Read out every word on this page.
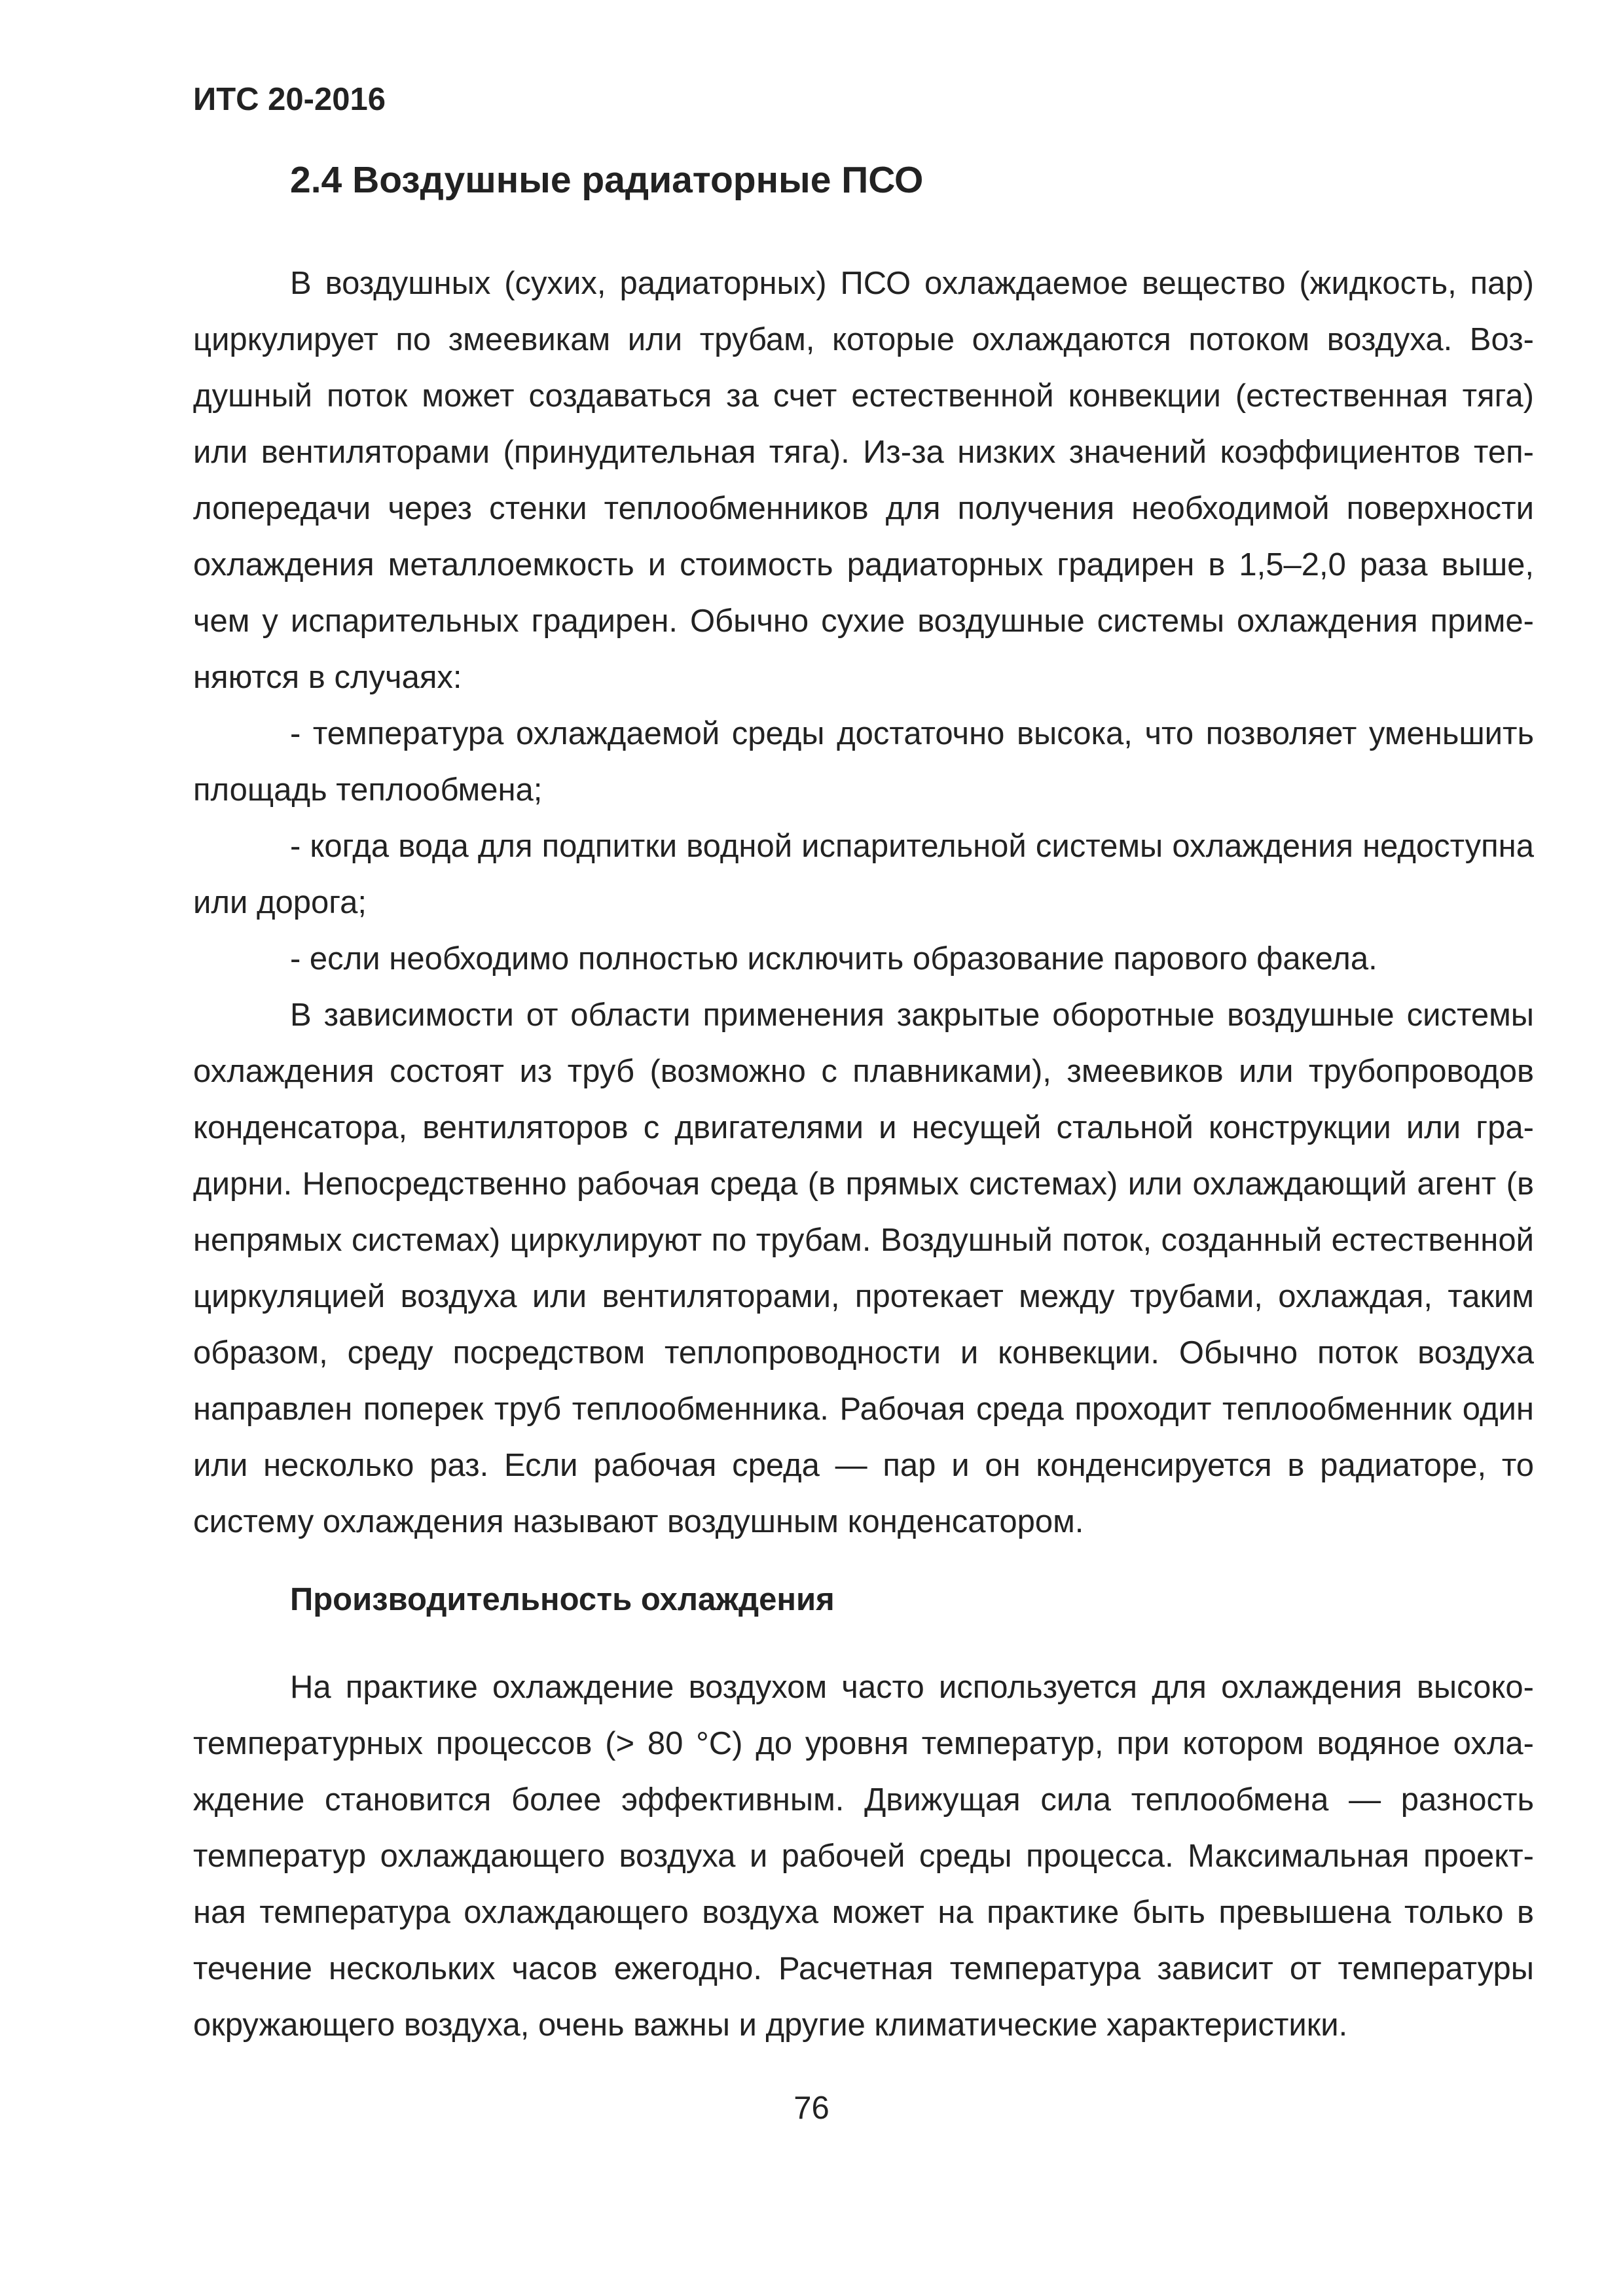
ИТС 20-2016
2.4 Воздушные радиаторные ПСО

В воздушных (сухих, радиаторных) ПСО охлаждаемое вещество (жидкость, пар) циркулирует по змеевикам или трубам, которые охлаждаются потоком воздуха. Воздушный поток может создаваться за счет естественной конвекции (естественная тяга) или вентиляторами (принудительная тяга). Из-за низких значений коэффициентов теплопередачи через стенки теплообменников для получения необходимой поверхности охлаждения металлоемкость и стоимость радиаторных градирен в 1,5–2,0 раза выше, чем у испарительных градирен. Обычно сухие воздушные системы охлаждения применяются в случаях:

- температура охлаждаемой среды достаточно высока, что позволяет уменьшить площадь теплообмена;

- когда вода для подпитки водной испарительной системы охлаждения недоступна или дорога;

- если необходимо полностью исключить образование парового факела.

В зависимости от области применения закрытые оборотные воздушные системы охлаждения состоят из труб (возможно с плавниками), змеевиков или трубопроводов конденсатора, вентиляторов с двигателями и несущей стальной конструкции или градирни. Непосредственно рабочая среда (в прямых системах) или охлаждающий агент (в непрямых системах) циркулируют по трубам. Воздушный поток, созданный естественной циркуляцией воздуха или вентиляторами, протекает между трубами, охлаждая, таким образом, среду посредством теплопроводности и конвекции. Обычно поток воздуха направлен поперек труб теплообменника. Рабочая среда проходит теплообменник один или несколько раз. Если рабочая среда — пар и он конденсируется в радиаторе, то систему охлаждения называют воздушным конденсатором.

Производительность охлаждения

На практике охлаждение воздухом часто используется для охлаждения высокотемпературных процессов (> 80 °C) до уровня температур, при котором водяное охлаждение становится более эффективным. Движущая сила теплообмена — разность температур охлаждающего воздуха и рабочей среды процесса. Максимальная проектная температура охлаждающего воздуха может на практике быть превышена только в течение нескольких часов ежегодно. Расчетная температура зависит от температуры окружающего воздуха, очень важны и другие климатические характеристики.

76
